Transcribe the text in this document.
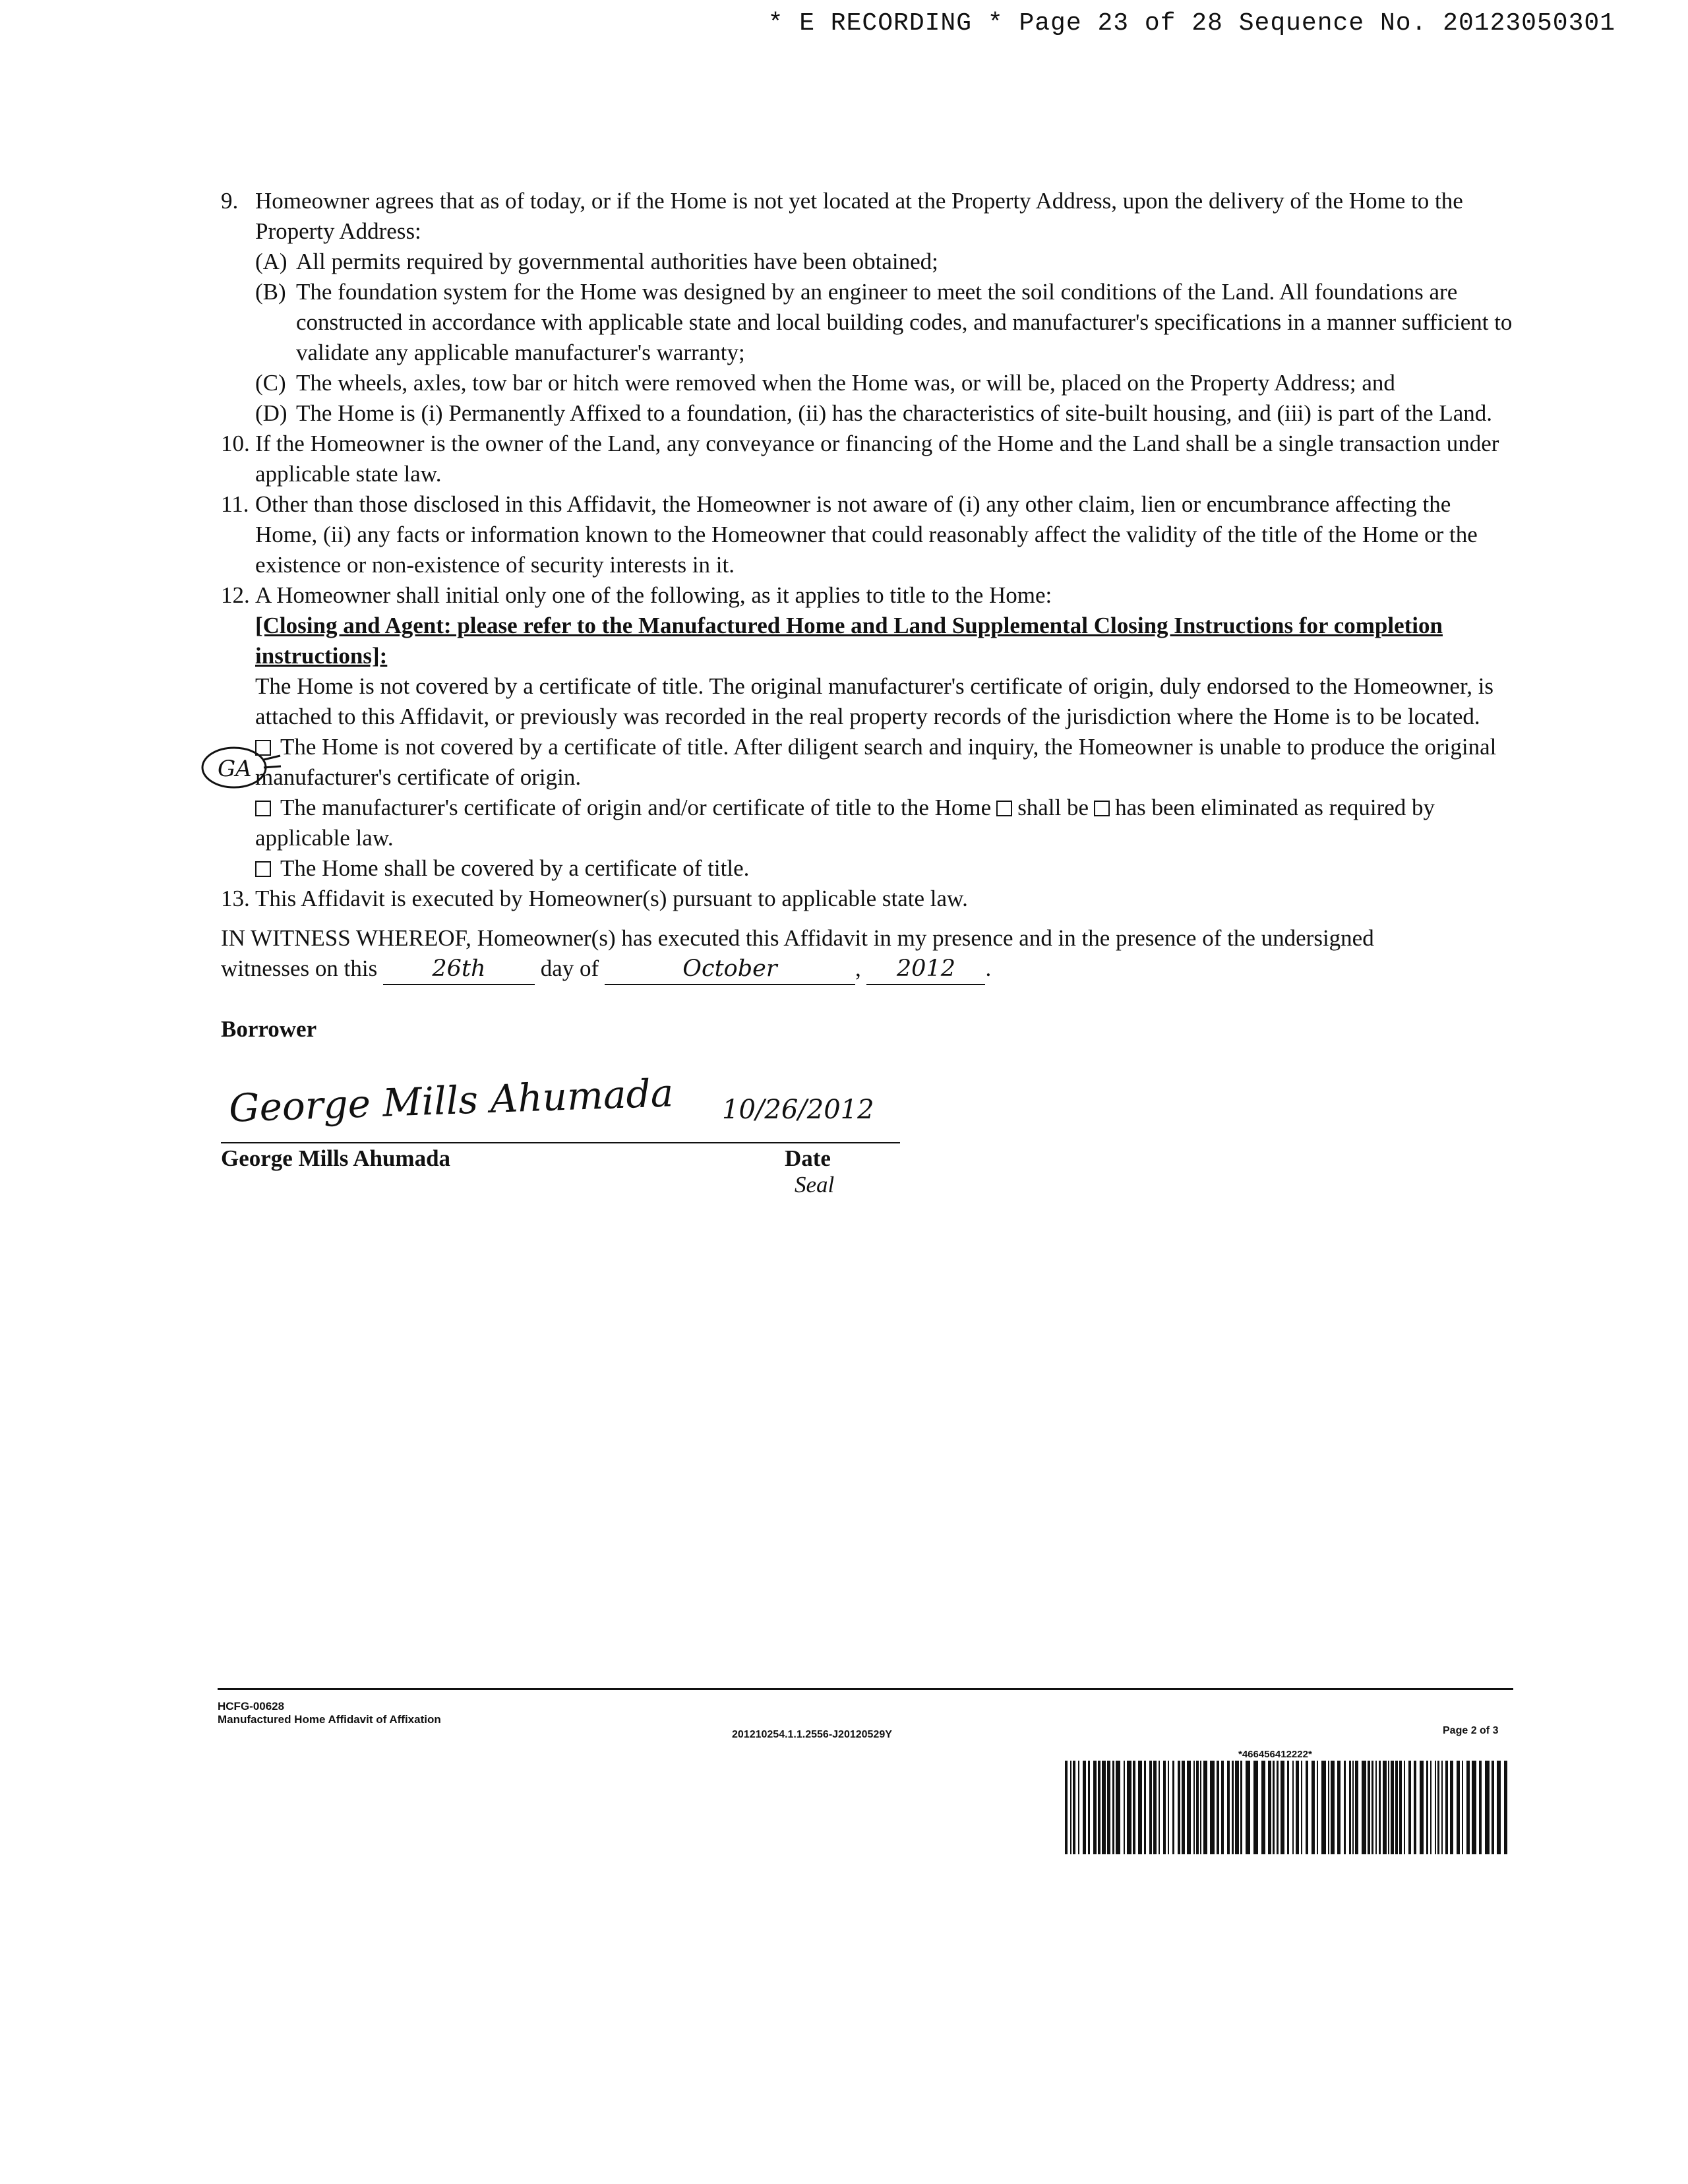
* E RECORDING * Page 23 of 28 Sequence No. 20123050301
GA

9. Homeowner agrees that as of today, or if the Home is not yet located at the Property Address, upon the delivery of the Home to the Property Address:

(A) All permits required by governmental authorities have been obtained;
(B) The foundation system for the Home was designed by an engineer to meet the soil conditions of the Land. All foundations are constructed in accordance with applicable state and local building codes, and manufacturer's specifications in a manner sufficient to validate any applicable manufacturer's warranty;
(C) The wheels, axles, tow bar or hitch were removed when the Home was, or will be, placed on the Property Address; and
(D) The Home is (i) Permanently Affixed to a foundation, (ii) has the characteristics of site-built housing, and (iii) is part of the Land.

10. If the Homeowner is the owner of the Land, any conveyance or financing of the Home and the Land shall be a single transaction under applicable state law.

11. Other than those disclosed in this Affidavit, the Homeowner is not aware of (i) any other claim, lien or encumbrance affecting the Home, (ii) any facts or information known to the Homeowner that could reasonably affect the validity of the title of the Home or the existence or non-existence of security interests in it.

12. A Homeowner shall initial only one of the following, as it applies to title to the Home:

[Closing and Agent: please refer to the Manufactured Home and Land Supplemental Closing Instructions for completion instructions]:

The Home is not covered by a certificate of title. The original manufacturer's certificate of origin, duly endorsed to the Homeowner, is attached to this Affidavit, or previously was recorded in the real property records of the jurisdiction where the Home is to be located.

The Home is not covered by a certificate of title. After diligent search and inquiry, the Homeowner is unable to produce the original manufacturer's certificate of origin.

The manufacturer's certificate of origin and/or certificate of title to the Home shall be has been eliminated as required by applicable law.

The Home shall be covered by a certificate of title.

13. This Affidavit is executed by Homeowner(s) pursuant to applicable state law.

IN WITNESS WHEREOF, Homeowner(s) has executed this Affidavit in my presence and in the presence of the undersigned
witnesses on this 26th day of	October	, 2012 .

Borrower
George Mills Ahumada 10/26/2012
George Mills Ahumada	Date
Seal
HCFG-00628
Manufactured Home Affidavit of Affixation
201210254.1.1.2556-J20120529Y	Page 2 of 3
*466456412222*
